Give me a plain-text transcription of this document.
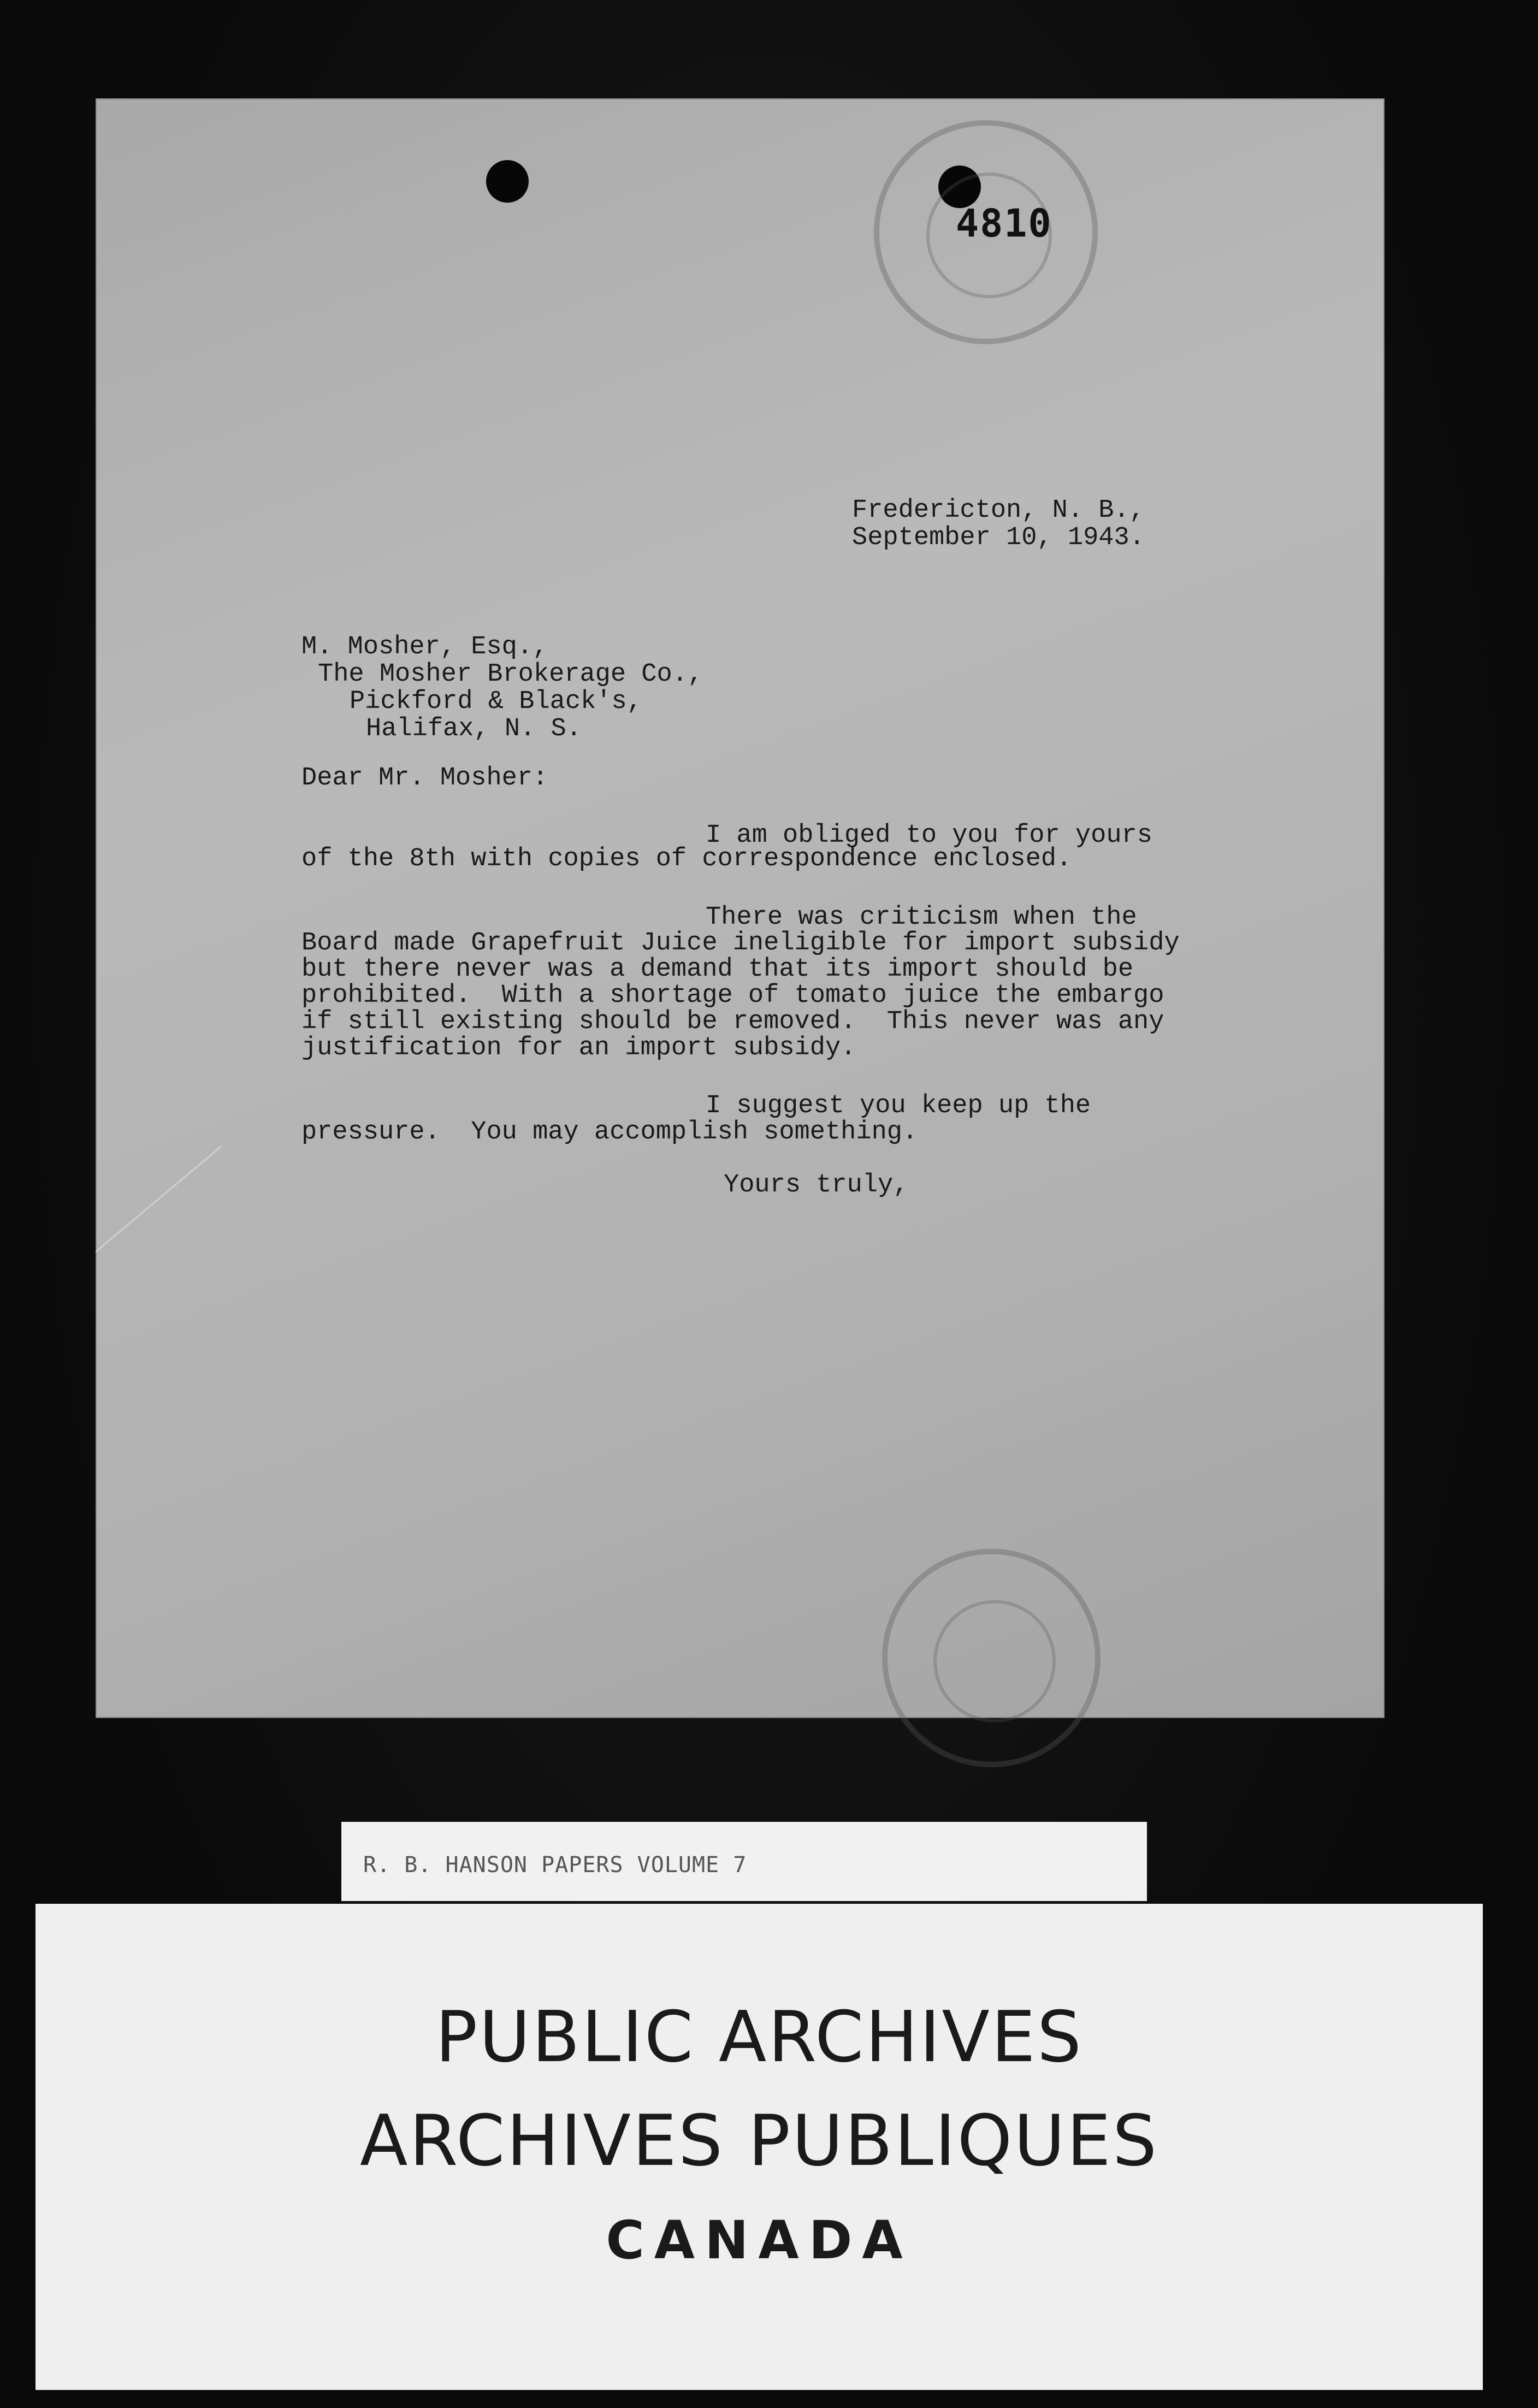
4810
Fredericton, N. B.,
September 10, 1943.
M. Mosher, Esq.,
The Mosher Brokerage Co.,
Pickford & Black's,
Halifax, N. S.
Dear Mr. Mosher:
I am obliged to you for yours
of the 8th with copies of correspondence enclosed.
There was criticism when the
Board made Grapefruit Juice ineligible for import subsidy
but there never was a demand that its import should be
prohibited.  With a shortage of tomato juice the embargo
if still existing should be removed.  This never was any
justification for an import subsidy.
I suggest you keep up the
pressure.  You may accomplish something.
Yours truly,
R. B. HANSON PAPERS VOLUME 7
PUBLIC ARCHIVES
ARCHIVES PUBLIQUES
CANADA
